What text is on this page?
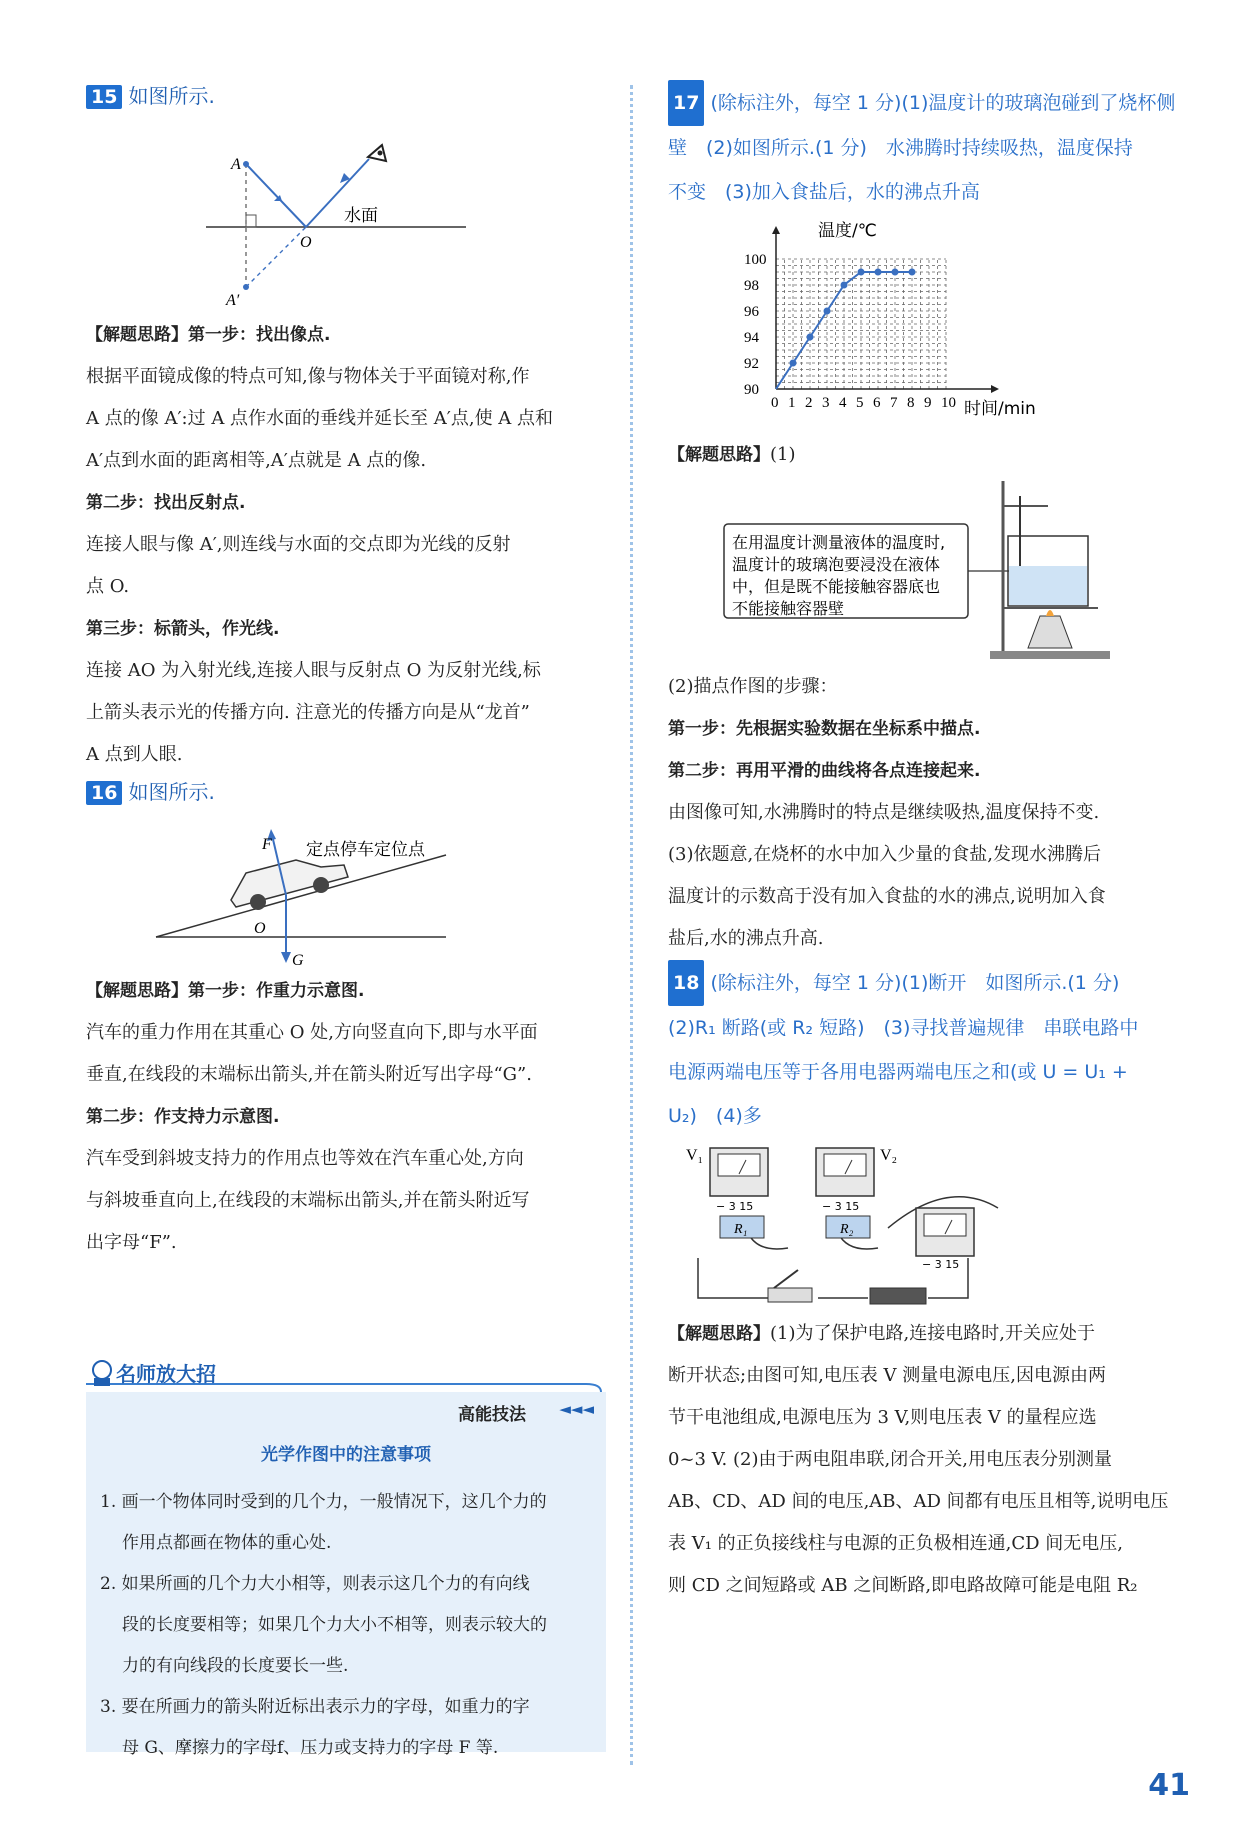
15 如图所示.
A
A′
O
水面

【解题思路】第一步：找出像点.

根据平面镜成像的特点可知,像与物体关于平面镜对称,作

A 点的像 A′:过 A 点作水面的垂线并延长至 A′点,使 A 点和

A′点到水面的距离相等,A′点就是 A 点的像.

第二步：找出反射点.

连接人眼与像 A′,则连线与水面的交点即为光线的反射

点 O.

第三步：标箭头，作光线.

连接 AO 为入射光线,连接人眼与反射点 O 为反射光线,标

上箭头表示光的传播方向. 注意光的传播方向是从“龙首”

A 点到人眼.

16 如图所示.
F
G
O
定点停车定位点

【解题思路】第一步：作重力示意图.

汽车的重力作用在其重心 O 处,方向竖直向下,即与水平面

垂直,在线段的末端标出箭头,并在箭头附近写出字母“G”.

第二步：作支持力示意图.

汽车受到斜坡支持力的作用点也等效在汽车重心处,方向

与斜坡垂直向上,在线段的末端标出箭头,并在箭头附近写

出字母“F”.

名师放大招
高能技法 ◄◄◄
光学作图中的注意事项
1. 画一个物体同时受到的几个力，一般情况下，这几个力的
作用点都画在物体的重心处.
2. 如果所画的几个力大小相等，则表示这几个力的有向线
段的长度要相等；如果几个力大小不相等，则表示较大的
力的有向线段的长度要长一些.
3. 要在所画力的箭头附近标出表示力的字母，如重力的字
母 G、摩擦力的字母f、压力或支持力的字母 F 等.
17 (除标注外，每空 1 分)(1)温度计的玻璃泡碰到了烧杯侧
壁　(2)如图所示.(1 分)　水沸腾时持续吸热，温度保持
不变　(3)加入食盐后，水的沸点升高
温度/℃
时间/min
0 1 2 3 4 5 6 7 8 9 10
90
92
94
96
98
100

【解题思路】(1)

在用温度计测量液体的温度时,
温度计的玻璃泡要浸没在液体
中，但是既不能接触容器底也
不能接触容器壁

(2)描点作图的步骤：

第一步：先根据实验数据在坐标系中描点.

第二步：再用平滑的曲线将各点连接起来.

由图像可知,水沸腾时的特点是继续吸热,温度保持不变.

(3)依题意,在烧杯的水中加入少量的食盐,发现水沸腾后

温度计的示数高于没有加入食盐的水的沸点,说明加入食

盐后,水的沸点升高.

18 (除标注外，每空 1 分)(1)断开　如图所示.(1 分)
(2)R₁ 断路(或 R₂ 短路)　(3)寻找普遍规律　串联电路中
电源两端电压等于各用电器两端电压之和(或 U = U₁ +
U₂)　(4)多
V₁	V₂
R₁	R₂
− 3 15	− 3 15
− 3 15

【解题思路】(1)为了保护电路,连接电路时,开关应处于

断开状态;由图可知,电压表 V 测量电源电压,因电源由两

节干电池组成,电源电压为 3 V,则电压表 V 的量程应选

0~3 V. (2)由于两电阻串联,闭合开关,用电压表分别测量

AB、CD、AD 间的电压,AB、AD 间都有电压且相等,说明电压

表 V₁ 的正负接线柱与电源的正负极相连通,CD 间无电压,

则 CD 之间短路或 AB 之间断路,即电路故障可能是电阻 R₂

41
